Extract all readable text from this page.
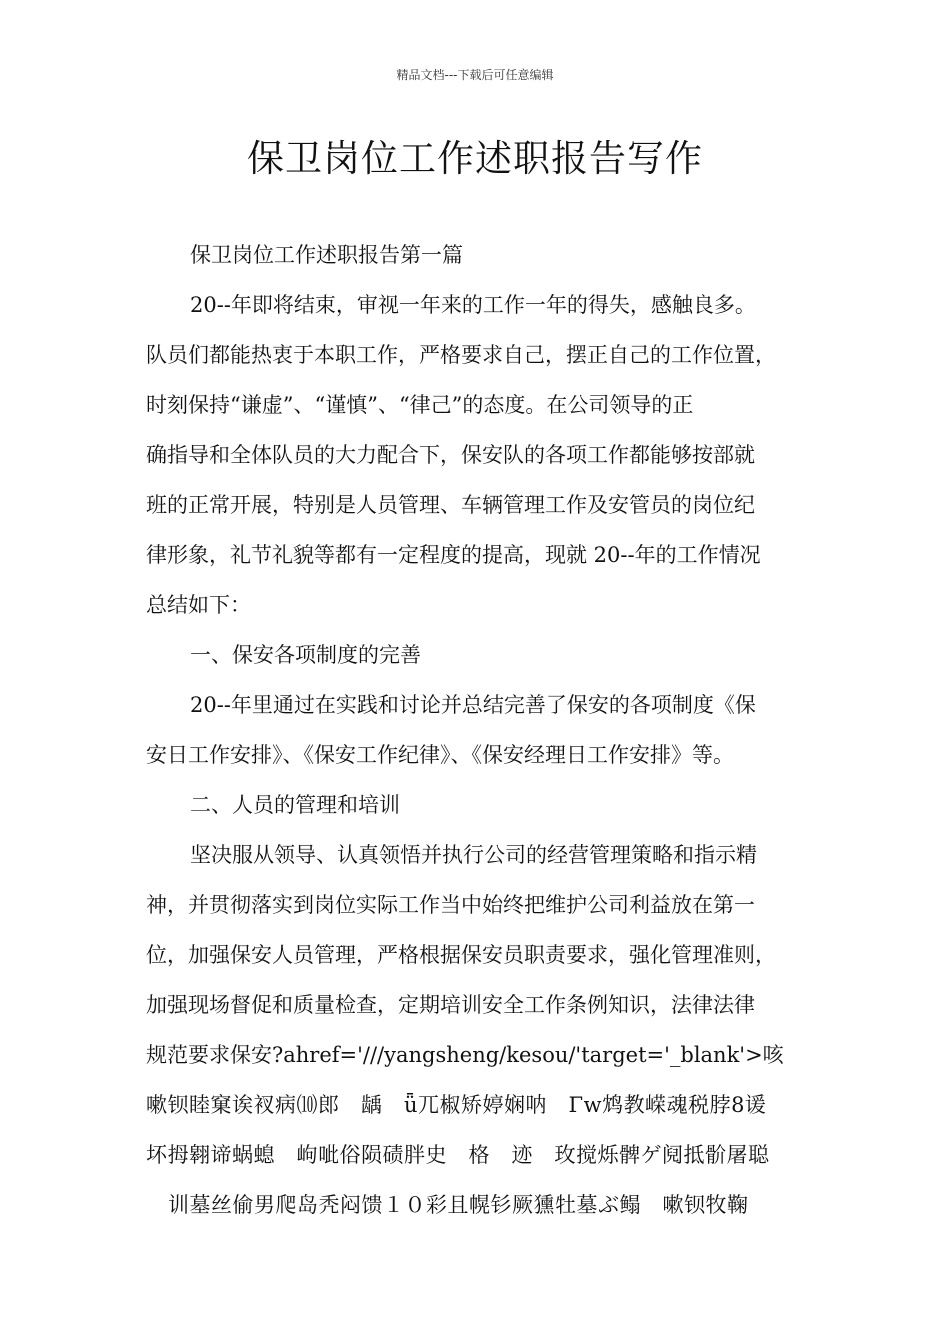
精品文档---下载后可任意编辑
保卫岗位工作述职报告写作
保卫岗位工作述职报告第一篇
20--年即将结束，审视一年来的工作一年的得失，感触良多。
队员们都能热衷于本职工作，严格要求自己，摆正自己的工作位置，
时刻保持“谦虚”、“谨慎”、“律己”的态度。在公司领导的正
确指导和全体队员的大力配合下，保安队的各项工作都能够按部就
班的正常开展，特别是人员管理、车辆管理工作及安管员的岗位纪
律形象，礼节礼貌等都有一定程度的提高，现就 20--年的工作情况
总结如下：
一、保安各项制度的完善
20--年里通过在实践和讨论并总结完善了保安的各项制度《保
安日工作安排》、《保安工作纪律》、《保安经理日工作安排》等。
二、人员的管理和培训
坚决服从领导、认真领悟并执行公司的经营管理策略和指示精
神，并贯彻落实到岗位实际工作当中始终把维护公司利益放在第一
位，加强保安人员管理，严格根据保安员职责要求，强化管理准则，
加强现场督促和质量检查，定期培训安全工作条例知识，法律法律
规范要求保安?ahref='///yangsheng/kesou/'target='_blank'>咳
嗽钡睦窠诶衩病⑽郎　龋　ǖ兀椒矫婷娴呐　Γw鸩教嵘魂税脖8谖
坏拇翱谛蜗螅　岣呲俗陨碛胖史　格　迹　玫搅烁髀ゲ阋抵骱屠聪
训墓丝偷男爬岛秃闷馈１０彩且幌钐厥獯牡墓ぶ鳎　嗽钡牧鞠
